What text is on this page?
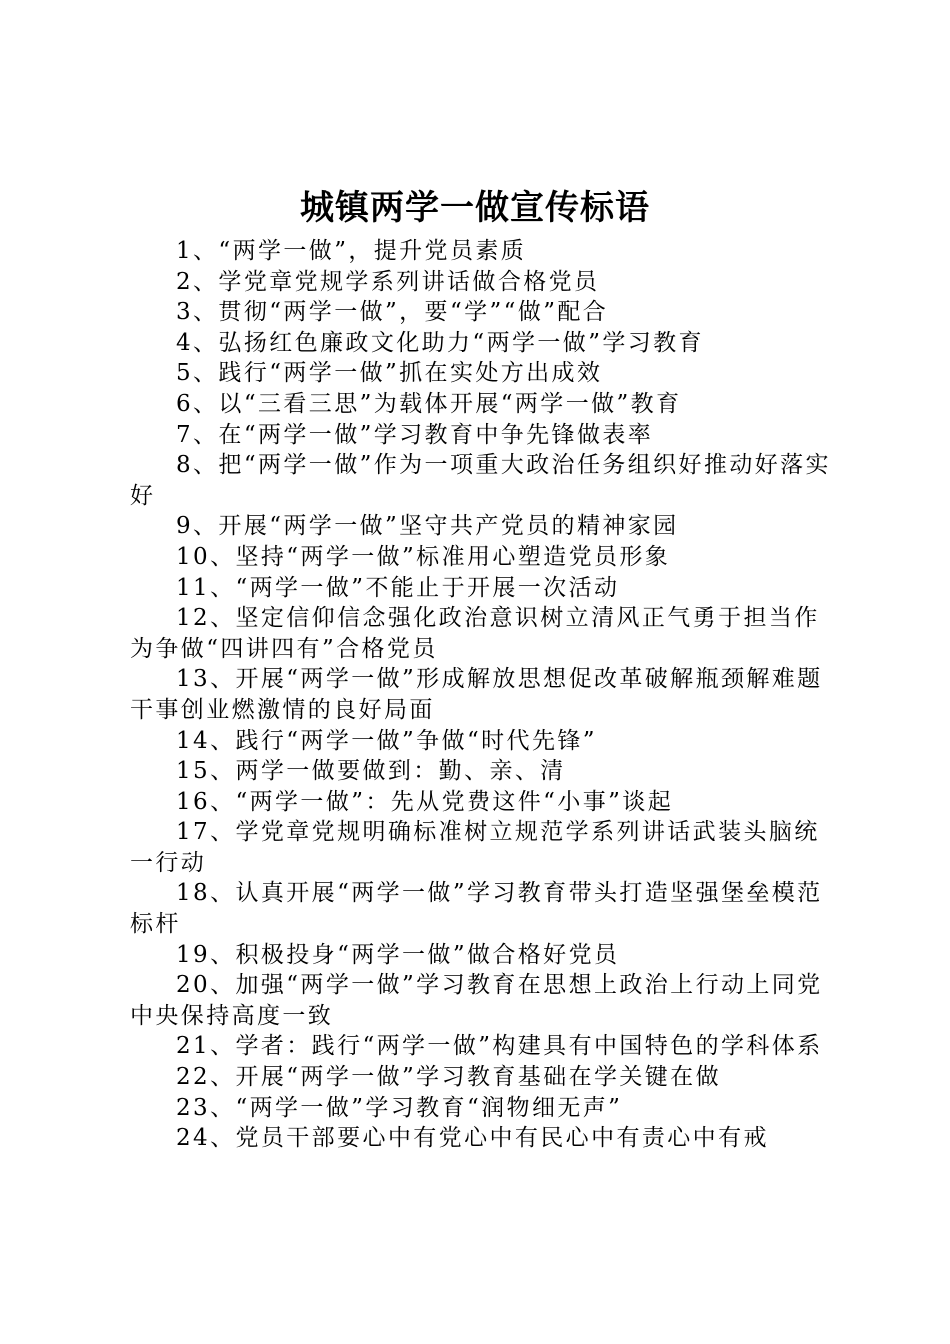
城镇两学一做宣传标语

1、“两学一做”，提升党员素质

2、学党章党规学系列讲话做合格党员

3、贯彻“两学一做”，要“学”“做”配合

4、弘扬红色廉政文化助力“两学一做”学习教育

5、践行“两学一做”抓在实处方出成效

6、以“三看三思”为载体开展“两学一做”教育

7、在“两学一做”学习教育中争先锋做表率

8、把“两学一做”作为一项重大政治任务组织好推动好落实好

9、开展“两学一做”坚守共产党员的精神家园

10、坚持“两学一做”标准用心塑造党员形象

11、“两学一做”不能止于开展一次活动

12、坚定信仰信念强化政治意识树立清风正气勇于担当作为争做“四讲四有”合格党员

13、开展“两学一做”形成解放思想促改革破解瓶颈解难题干事创业燃激情的良好局面

14、践行“两学一做”争做“时代先锋”

15、两学一做要做到：勤、亲、清

16、“两学一做”：先从党费这件“小事”谈起

17、学党章党规明确标准树立规范学系列讲话武装头脑统一行动

18、认真开展“两学一做”学习教育带头打造坚强堡垒模范标杆

19、积极投身“两学一做”做合格好党员

20、加强“两学一做”学习教育在思想上政治上行动上同党中央保持高度一致

21、学者：践行“两学一做”构建具有中国特色的学科体系

22、开展“两学一做”学习教育基础在学关键在做

23、“两学一做”学习教育“润物细无声”

24、党员干部要心中有党心中有民心中有责心中有戒
